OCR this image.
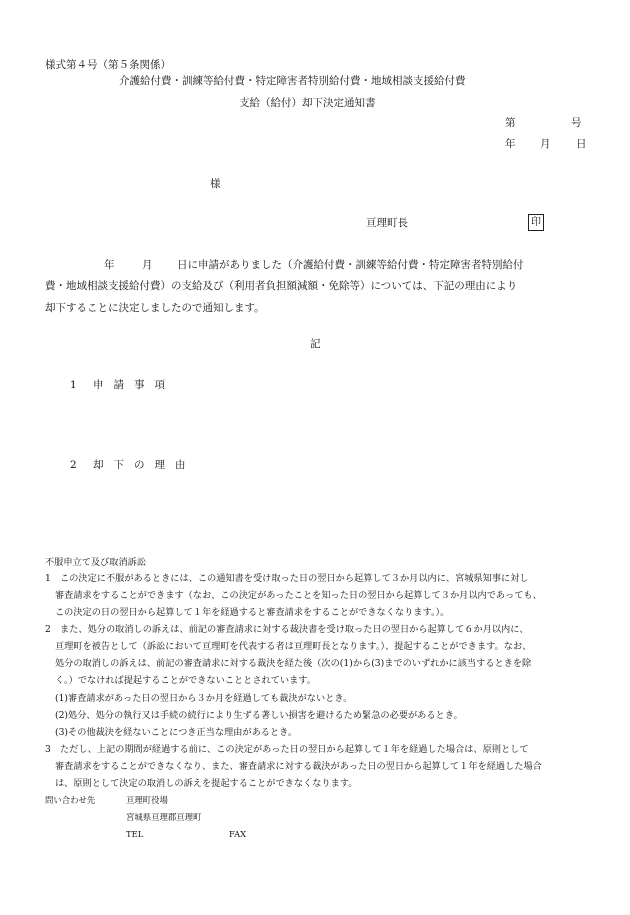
様式第４号（第５条関係）
介護給付費・訓練等給付費・特定障害者特別給付費・地域相談支援給付費
支給（給付）却下決定通知書
第	号
年 月 日
様
亘理町長	印
年	月 日に申請がありました（介護給付費・訓練等給付費・特定障害者特別給付
費・地域相談支援給付費）の支給及び（利用者負担額減額・免除等）については、下記の理由により
却下することに決定しましたので通知します。
記
1 申請事項
2 却下の理由
不服申立て及び取消訴訟
1　この決定に不服があるときには、この通知書を受け取った日の翌日から起算して３か月以内に、宮城県知事に対し
審査請求をすることができます（なお、この決定があったことを知った日の翌日から起算して３か月以内であっても、
この決定の日の翌日から起算して１年を経過すると審査請求をすることができなくなります。）。
2　また、処分の取消しの訴えは、前記の審査請求に対する裁決書を受け取った日の翌日から起算して６か月以内に、
亘理町を被告として（訴訟において亘理町を代表する者は亘理町長となります。）、提起することができます。なお、
処分の取消しの訴えは、前記の審査請求に対する裁決を経た後（次の(1)から(3)までのいずれかに該当するときを除
く。）でなければ提起することができないこととされています。
(1)審査請求があった日の翌日から３か月を経過しても裁決がないとき。
(2)処分、処分の執行又は手続の続行により生ずる著しい損害を避けるため緊急の必要があるとき。
(3)その他裁決を経ないことにつき正当な理由があるとき。
3　ただし、上記の期間が経過する前に、この決定があった日の翌日から起算して１年を経過した場合は、原則として
審査請求をすることができなくなり、また、審査請求に対する裁決があった日の翌日から起算して１年を経過した場合
は、原則として決定の取消しの訴えを提起することができなくなります。
問い合わせ先	亘理町役場
宮城県亘理郡亘理町
TEL	FAX
